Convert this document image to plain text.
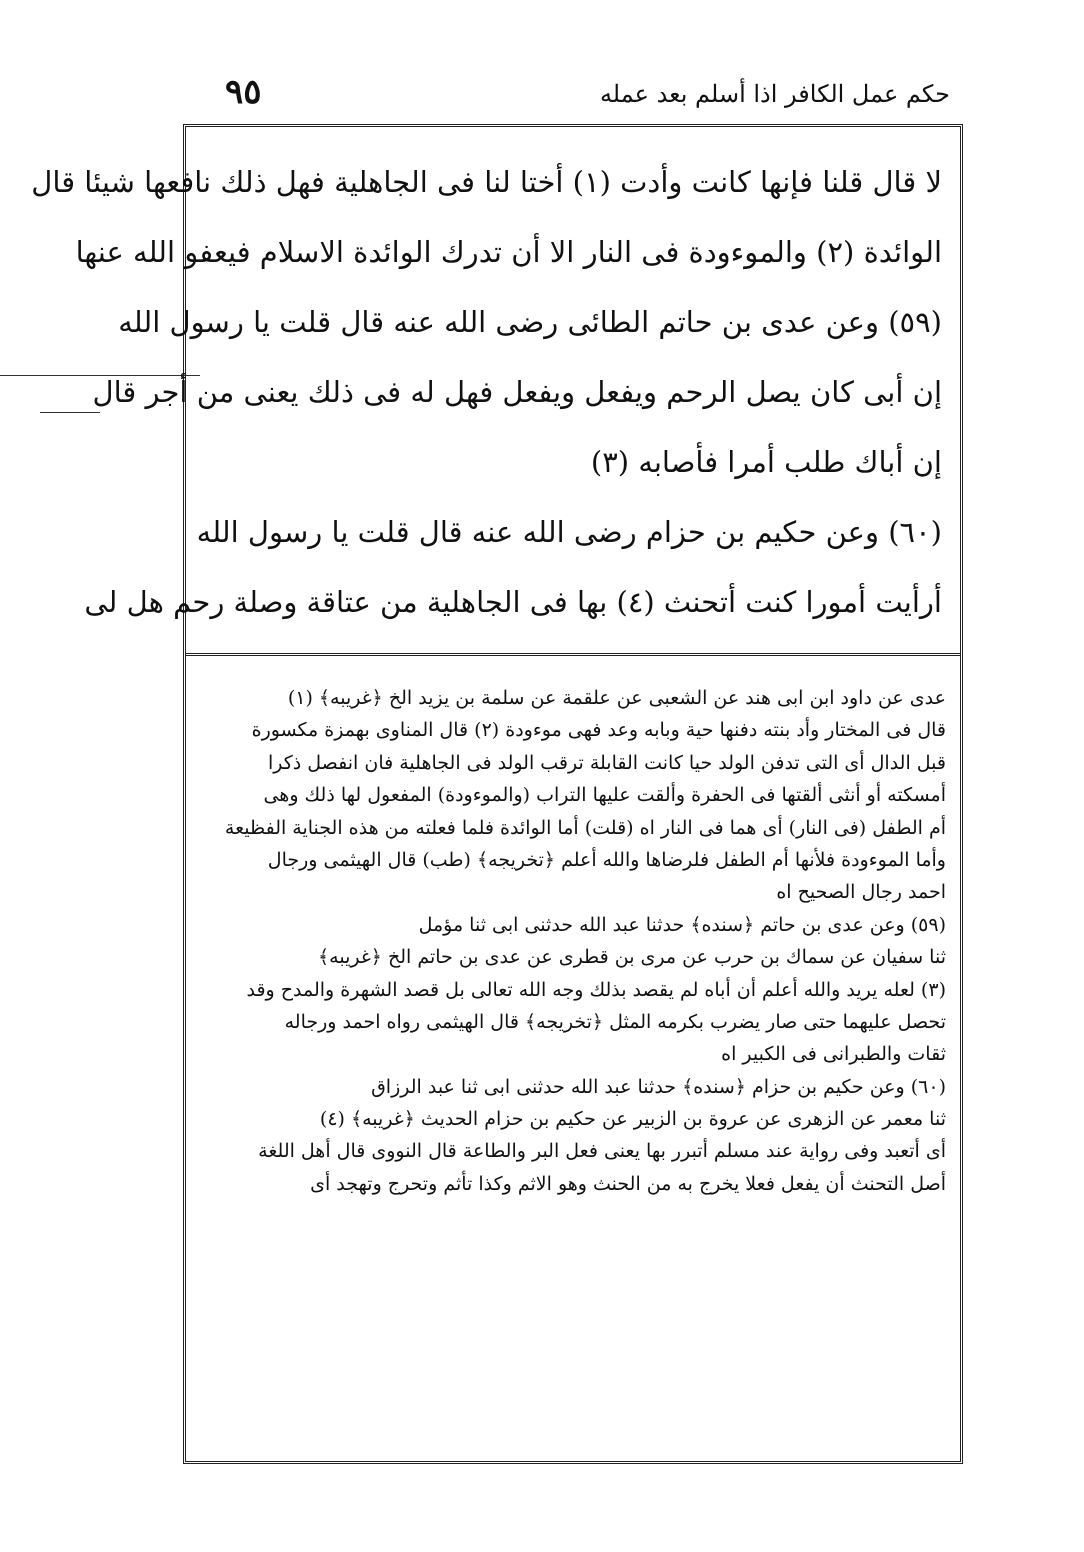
٩٥	حكم عمل الكافر اذا أسلم بعد عمله
لا قال قلنا فإنها كانت وأدت (١) أختا لنا فى الجاهلية فهل ذلك نافعها شيئا قال
الوائدة (٢) والموءودة فى النار الا أن تدرك الوائدة الاسلام فيعفو الله عنها
(٥٩) وعن عدى بن حاتم الطائى رضى الله عنه قال قلت يا رسول الله
إن أبى كان يصل الرحم ويفعل ويفعل فهل له فى ذلك يعنى من أجر قال
إن أباك طلب أمرا فأصابه (٣)
(٦٠) وعن حكيم بن حزام رضى الله عنه قال قلت يا رسول الله
أرأيت أمورا كنت أتحنث (٤) بها فى الجاهلية من عتاقة وصلة رحم هل لى
عدى عن داود ابن ابى هند عن الشعبى عن علقمة عن سلمة بن يزيد الخ ﴿غريبه﴾ (١)
قال فى المختار وأد بنته دفنها حية وبابه وعد فهى موءودة (٢) قال المناوى بهمزة مكسورة
قبل الدال أى التى تدفن الولد حيا كانت القابلة ترقب الولد فى الجاهلية فان انفصل ذكرا
أمسكته أو أنثى ألقتها فى الحفرة وألقت عليها التراب (والموءودة) المفعول لها ذلك وهى
أم الطفل (فى النار) أى هما فى النار اه (قلت) أما الوائدة فلما فعلته من هذه الجناية الفظيعة
وأما الموءودة فلأنها أم الطفل فلرضاها والله أعلم ﴿تخريجه﴾ (طب) قال الهيثمى ورجال
احمد رجال الصحيح اه
(٥٩) وعن عدى بن حاتم ﴿سنده﴾ حدثنا عبد الله حدثنى ابى ثنا مؤمل
ثنا سفيان عن سماك بن حرب عن مرى بن قطرى عن عدى بن حاتم الخ ﴿غريبه﴾
(٣) لعله يريد والله أعلم أن أباه لم يقصد بذلك وجه الله تعالى بل قصد الشهرة والمدح وقد
تحصل عليهما حتى صار يضرب بكرمه المثل ﴿تخريجه﴾ قال الهيثمى رواه احمد ورجاله
ثقات والطبرانى فى الكبير اه
(٦٠) وعن حكيم بن حزام ﴿سنده﴾ حدثنا عبد الله حدثنى ابى ثنا عبد الرزاق
ثنا معمر عن الزهرى عن عروة بن الزبير عن حكيم بن حزام الحديث ﴿غريبه﴾ (٤)
أى أتعبد وفى رواية عند مسلم أتبرر بها يعنى فعل البر والطاعة قال النووى قال أهل اللغة
أصل التحنث أن يفعل فعلا يخرج به من الحنث وهو الاثم وكذا تأثم وتحرج وتهجد أى
